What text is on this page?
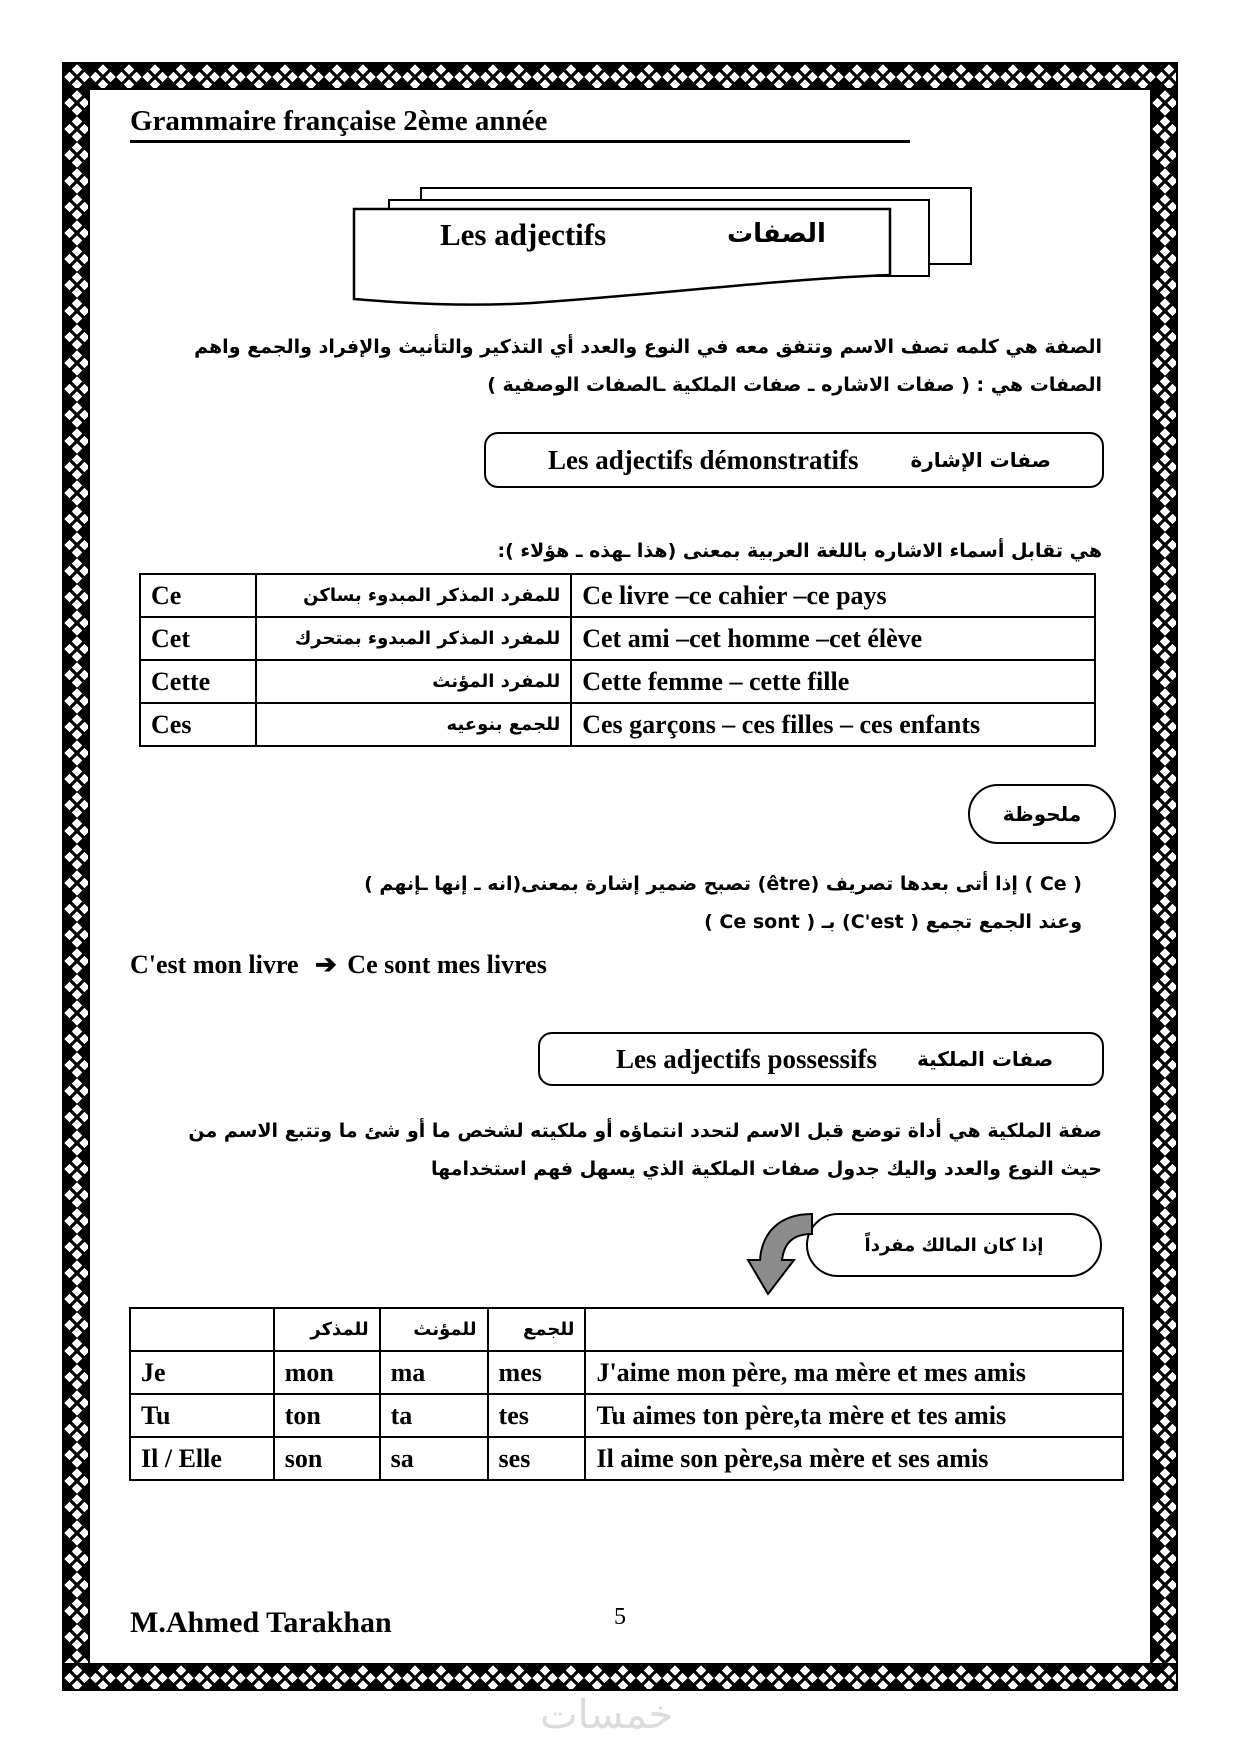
Grammaire française 2ème année
Les adjectifs	الصفات
الصفة هي كلمه تصف الاسم وتتفق معه في النوع والعدد أي التذكير والتأنيث والإفراد والجمع واهم
الصفات هي : ( صفات الاشاره ـ صفات الملكية ـالصفات الوصفية )
Les adjectifs démonstratifs	صفات الإشارة
هي تقابل أسماء الاشاره باللغة العربية بمعنى (هذا ـهذه ـ هؤلاء ):
Ce	للمفرد المذكر المبدوء بساكن	Ce livre –ce cahier –ce pays
Cet	للمفرد المذكر المبدوء بمتحرك	Cet ami –cet homme –cet élève
Cette	للمفرد المؤنث	Cette femme – cette fille
Ces	للجمع بنوعيه	Ces garçons – ces filles – ces enfants
ملحوظة
( Ce ) إذا أتى بعدها تصريف (être) تصبح ضمير إشارة بمعنى(انه ـ إنها ـإنهم )
وعند الجمع تجمع ( C'est) بـ ( Ce sont )
C'est mon livre ➔ Ce sont mes livres
Les adjectifs possessifs صفات الملكية
صفة الملكية هي أداة توضع قبل الاسم لتحدد انتماؤه أو ملكيته لشخص ما أو شئ ما وتتبع الاسم من
حيث النوع والعدد واليك جدول صفات الملكية الذي يسهل فهم استخدامها
إذا كان المالك مفرداً
	للمذكر	للمؤنث	للجمع	
Je	mon	ma	mes	J'aime mon père, ma mère et mes amis
Tu	ton	ta	tes	Tu aimes ton père,ta mère et tes amis
Il / Elle	son	sa	ses	Il aime son père,sa mère et ses amis
M.Ahmed Tarakhan	5
خمسات
